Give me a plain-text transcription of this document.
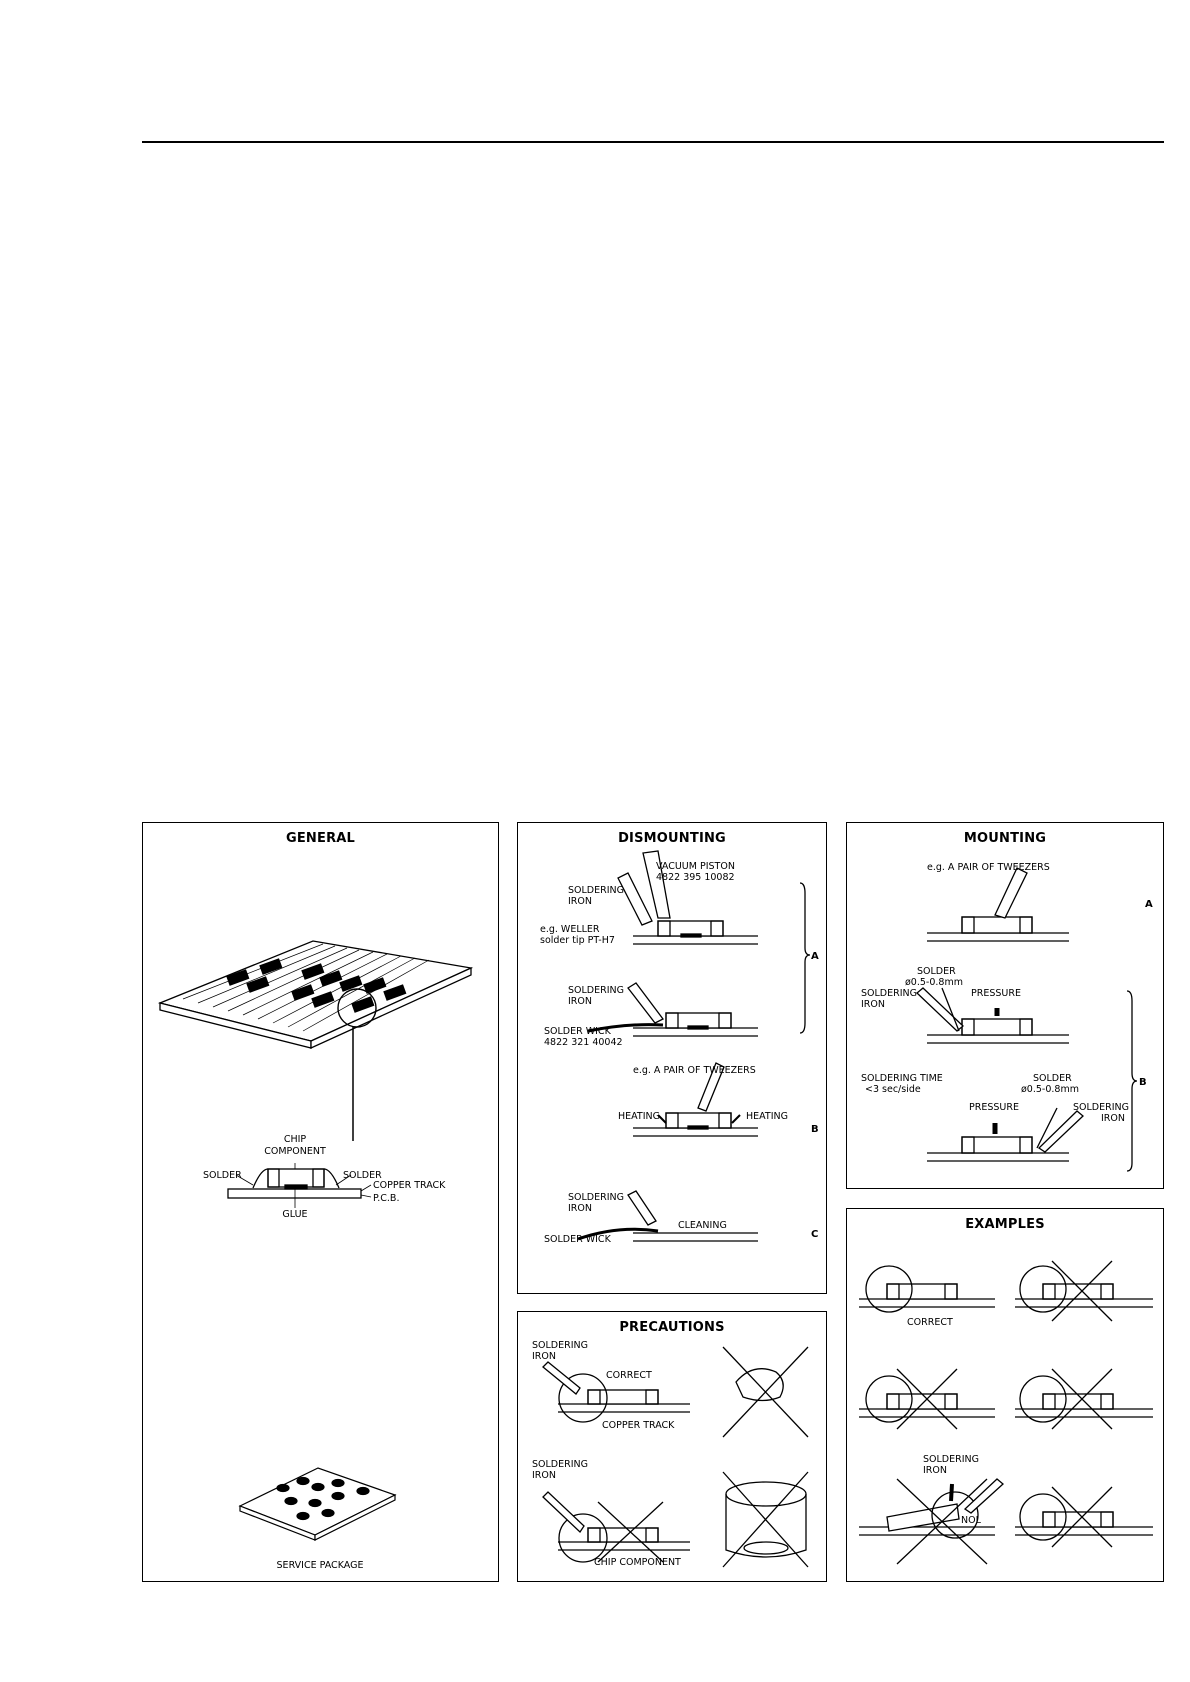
GENERAL
CHIP
COMPONENT
SOLDER	SOLDER
COPPER TRACK
P.C.B.
GLUE
SERVICE PACKAGE
DISMOUNTING
VACUUM PISTON
4822 395 10082
SOLDERING
IRON
e.g. WELLER
solder tip PT-H7
SOLDERING
IRON
SOLDER WICK
4822 321 40042
e.g. A PAIR OF TWEEZERS
HEATING	HEATING
SOLDERING
IRON
CLEANING
SOLDER WICK
A
B
C
PRECAUTIONS
SOLDERING
IRON
CORRECT
COPPER TRACK
SOLDERING
IRON
CHIP COMPONENT
MOUNTING
e.g. A PAIR OF TWEEZERS
A
SOLDER
ø0.5-0.8mm
SOLDERING
IRON
PRESSURE
SOLDERING TIME
<3 sec/side
SOLDER
ø0.5-0.8mm
PRESSURE	SOLDERING
IRON
B
EXAMPLES
CORRECT
SOLDERING
IRON
NOL
